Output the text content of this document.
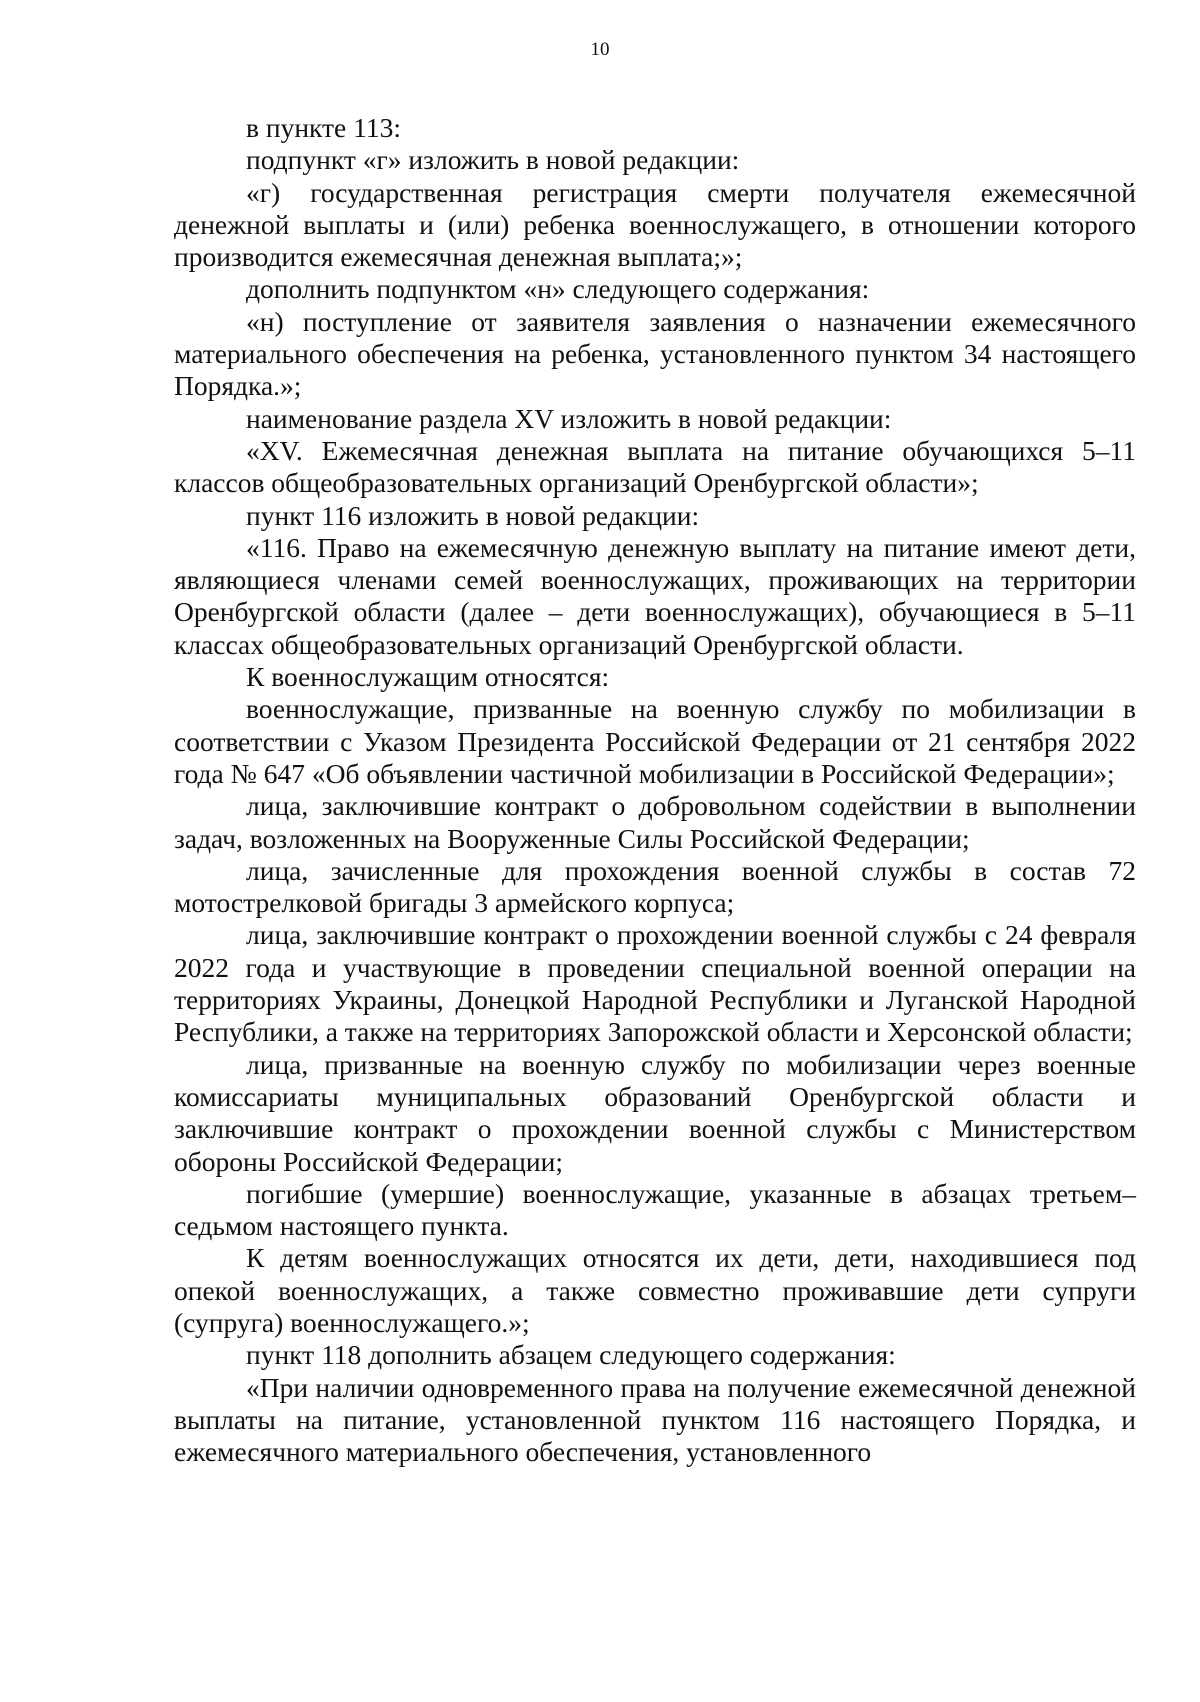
10

в пункте 113:

подпункт «г» изложить в новой редакции:

«г) государственная регистрация смерти получателя ежемесячной денежной выплаты и (или) ребенка военнослужащего, в отношении которого производится ежемесячная денежная выплата;»;

дополнить подпунктом «н» следующего содержания:

«н) поступление от заявителя заявления о назначении ежемесячного материального обеспечения на ребенка, установленного пунктом 34 настоящего Порядка.»;

наименование раздела XV изложить в новой редакции:

«XV. Ежемесячная денежная выплата на питание обучающихся 5–11 классов общеобразовательных организаций Оренбургской области»;

пункт 116 изложить в новой редакции:

«116. Право на ежемесячную денежную выплату на питание имеют дети, являющиеся членами семей военнослужащих, проживающих на территории Оренбургской области (далее – дети военнослужащих), обучающиеся в 5–11 классах общеобразовательных организаций Оренбургской области.

К военнослужащим относятся:

военнослужащие, призванные на военную службу по мобилизации в соответствии с Указом Президента Российской Федерации от 21 сентября 2022 года № 647 «Об объявлении частичной мобилизации в Российской Федерации»;

лица, заключившие контракт о добровольном содействии в выполнении задач, возложенных на Вооруженные Силы Российской Федерации;

лица, зачисленные для прохождения военной службы в состав 72 мотострелковой бригады 3 армейского корпуса;

лица, заключившие контракт о прохождении военной службы с 24 февраля 2022 года и участвующие в проведении специальной военной операции на территориях Украины, Донецкой Народной Республики и Луганской Народной Республики, а также на территориях Запорожской области и Херсонской области;

лица, призванные на военную службу по мобилизации через военные комиссариаты муниципальных образований Оренбургской области и заключившие контракт о прохождении военной службы с Министерством обороны Российской Федерации;

погибшие (умершие) военнослужащие, указанные в абзацах третьем–седьмом настоящего пункта.

К детям военнослужащих относятся их дети, дети, находившиеся под опекой военнослужащих, а также совместно проживавшие дети супруги (супруга) военнослужащего.»;

пункт 118 дополнить абзацем следующего содержания:

«При наличии одновременного права на получение ежемесячной денежной выплаты на питание, установленной пунктом 116 настоящего Порядка, и ежемесячного материального обеспечения, установленного
